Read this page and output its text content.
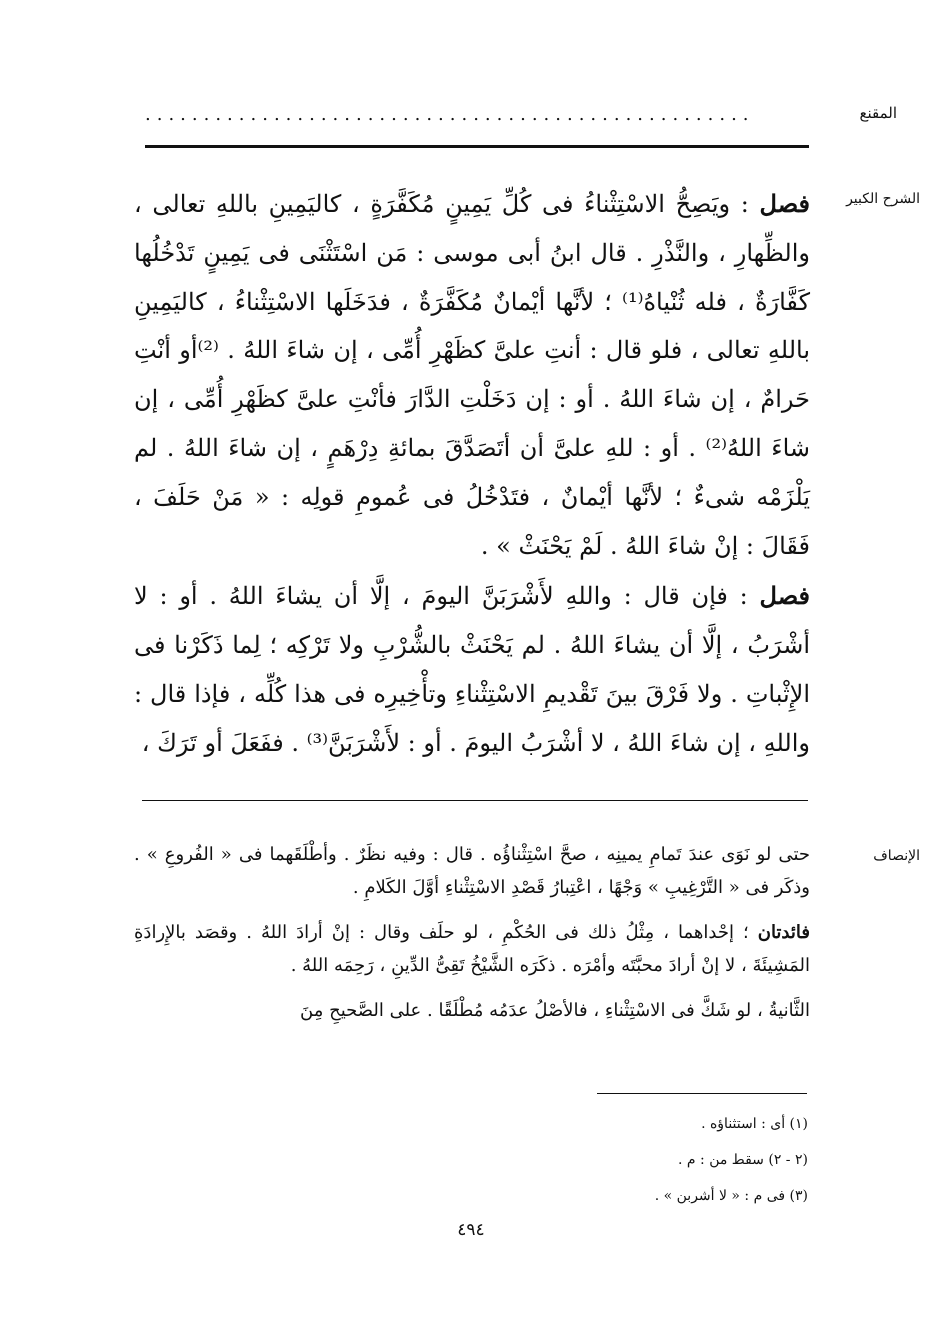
المقنع
....................................................
الشرح الكبير

فصل : ويَصِحُّ الاسْتِثْناءُ فى كُلِّ يَمِينٍ مُكَفَّرَةٍ ، كاليَمِينِ باللهِ تعالى ، والظِّهارِ ، والنَّذْرِ . قال ابنُ أبى موسى : مَن اسْتَثْنَى فى يَمِينٍ تَدْخُلُها كَفَّارَةٌ ، فله ثُنْياهُ⁽¹⁾ ؛ لأنَّها أيْمانٌ مُكَفَّرَةٌ ، فدَخَلَها الاسْتِثْناءُ ، كاليَمِينِ باللهِ تعالى ، فلو قال : أنتِ علىَّ كظَهْرِ أُمِّى ، إن شاءَ اللهُ . ⁽²⁾أو أنْتِ حَرامٌ ، إن شاءَ اللهُ . أو : إن دَخَلْتِ الدَّارَ فأنْتِ علىَّ كظَهْرِ أُمِّى ، إن شاءَ اللهُ⁽²⁾ . أو : للهِ علىَّ أن أتَصَدَّقَ بمائةِ دِرْهَمٍ ، إن شاءَ اللهُ . لم يَلْزَمْه شىءٌ ؛ لأنَّها أيْمانٌ ، فتَدْخُلُ فى عُمومِ قولِه : « مَنْ حَلَفَ ، فَقَالَ : إنْ شاءَ اللهُ . لَمْ يَحْنَثْ » .

فصل : فإن قال : واللهِ لأَشْرَبَنَّ اليومَ ، إلَّا أن يشاءَ اللهُ . أو : لا أشْرَبُ ، إلَّا أن يشاءَ اللهُ . لم يَحْنَثْ بالشُّرْبِ ولا تَرْكِه ؛ لِما ذَكَرْنا فى الإِثْباتِ . ولا فَرْقَ بينَ تَقْديمِ الاسْتِثْناءِ وتأْخِيرِه فى هذا كُلِّه ، فإذا قال : واللهِ ، إن شاءَ اللهُ ، لا أشْرَبُ اليومَ . أو : لأَشْرَبَنَّ⁽³⁾ . ففَعَلَ أو تَرَكَ ،

الإنصاف

حتى لو نَوَى عندَ تَمامِ يمينِه ، صحَّ اسْتِثْناؤُه . قال : وفيه نظَرٌ . وأطْلَقَهما فى « الفُروعِ » . وذكَر فى « التَّرْغِيبِ » وَجْهًا ، اعْتِبارُ قَصْدِ الاسْتِثْناءِ أوَّلَ الكَلامِ .

فائدتان ؛ إحْداهما ، مِثْلُ ذلك فى الحُكْمِ ، لو حلَف وقال : إنْ أرادَ اللهُ . وقصَد بالإِرادَةِ المَشِيئَةَ ، لا إنْ أرادَ محبَّتَه وأمْرَه . ذكَرَه الشَّيْخُ تَقِىُّ الدِّينِ ، رَحِمَه اللهُ .

الثَّانيةُ ، لو شَكَّ فى الاسْتِثْناءِ ، فالأصْلُ عدَمُه مُطْلَقًا . على الصَّحيحِ مِنَ

(١) أى : استثناؤه .
(٢ - ٢) سقط من : م .
(٣) فى م : « لا أشربن » .
٤٩٤
